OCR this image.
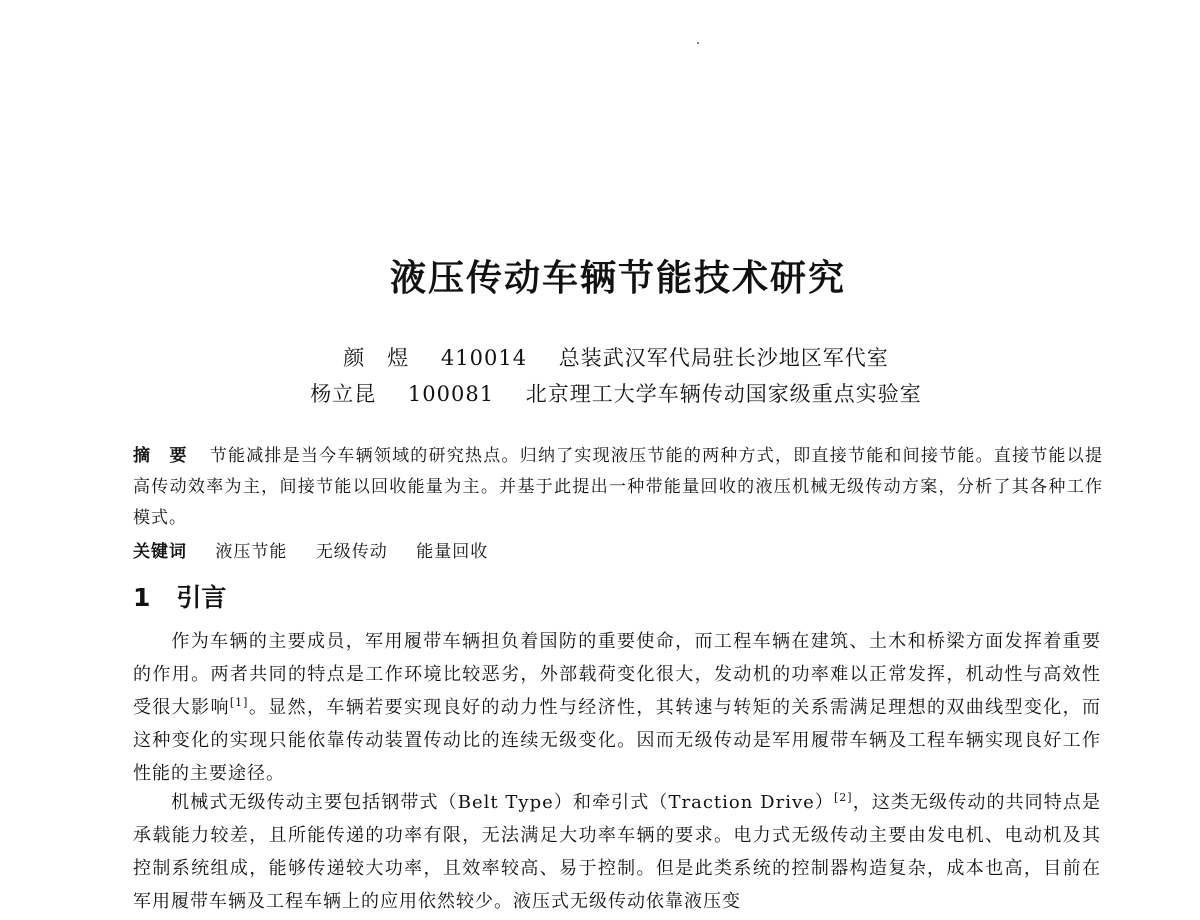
液压传动车辆节能技术研究
颜　煜 410014 总装武汉军代局驻长沙地区军代室
杨立昆 100081 北京理工大学车辆传动国家级重点实验室
摘　要 节能减排是当今车辆领域的研究热点。归纳了实现液压节能的两种方式，即直接节能和间接节能。直接节能以提高传动效率为主，间接节能以回收能量为主。并基于此提出一种带能量回收的液压机械无级传动方案，分析了其各种工作模式。
关键词 液压节能 无级传动 能量回收
1 引言
作为车辆的主要成员，军用履带车辆担负着国防的重要使命，而工程车辆在建筑、土木和桥梁方面发挥着重要的作用。两者共同的特点是工作环境比较恶劣，外部载荷变化很大，发动机的功率难以正常发挥，机动性与高效性受很大影响[1]。显然，车辆若要实现良好的动力性与经济性，其转速与转矩的关系需满足理想的双曲线型变化，而这种变化的实现只能依靠传动装置传动比的连续无级变化。因而无级传动是军用履带车辆及工程车辆实现良好工作性能的主要途径。
机械式无级传动主要包括钢带式（Belt Type）和牵引式（Traction Drive）[2]，这类无级传动的共同特点是承载能力较差，且所能传递的功率有限，无法满足大功率车辆的要求。电力式无级传动主要由发电机、电动机及其控制系统组成，能够传递较大功率，且效率较高、易于控制。但是此类系统的控制器构造复杂，成本也高，目前在军用履带车辆及工程车辆上的应用依然较少。液压式无级传动依靠液压变
